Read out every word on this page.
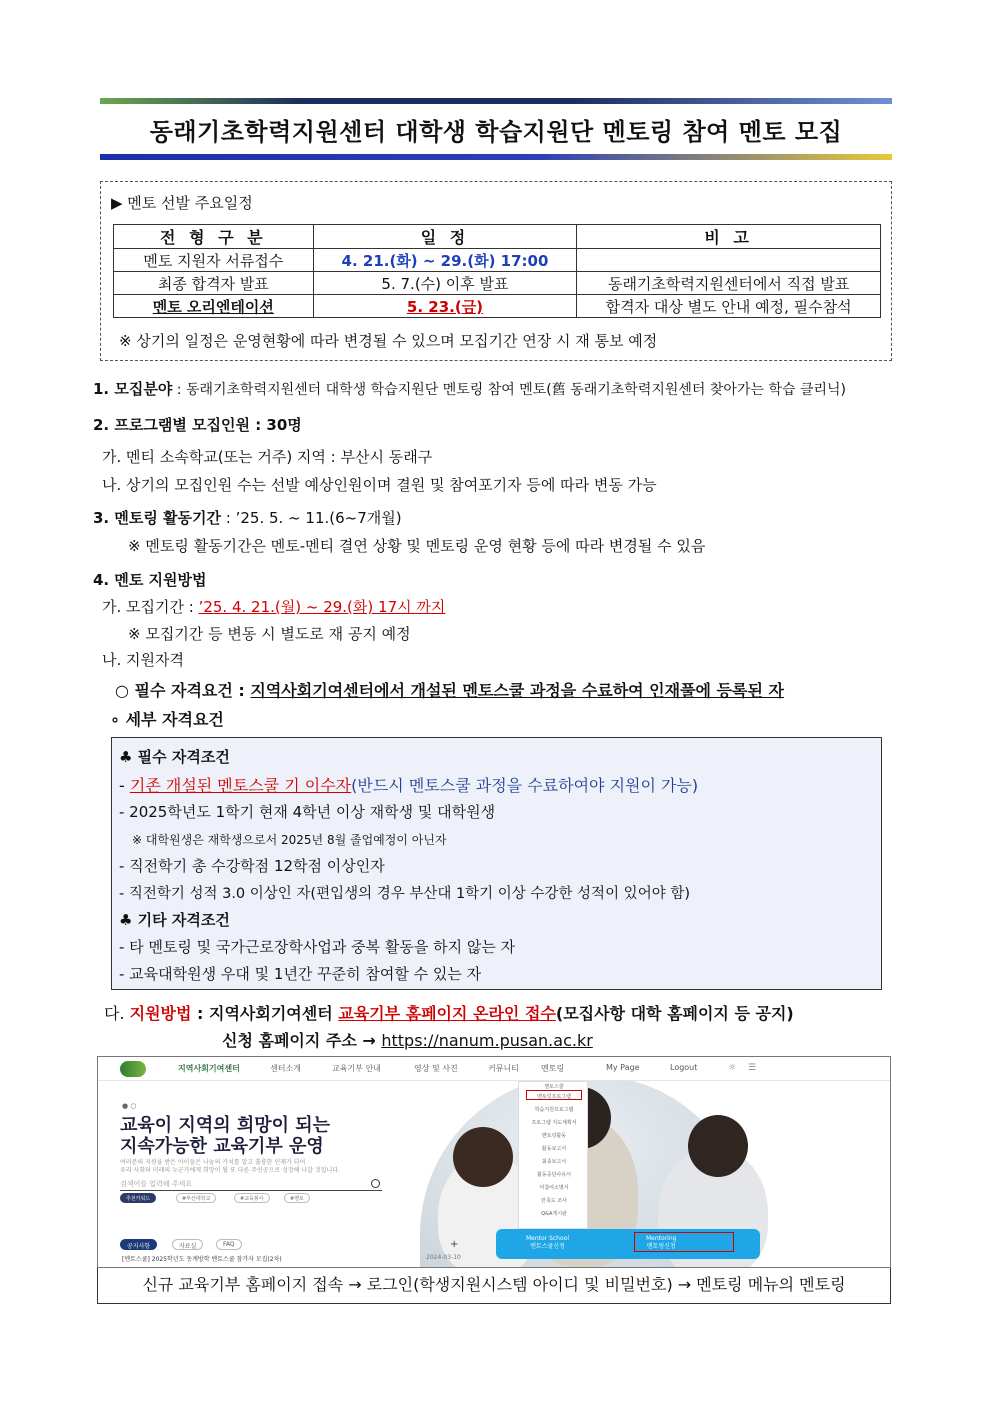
동래기초학력지원센터 대학생 학습지원단 멘토링 참여 멘토 모집
▶ 멘토 선발 주요일정
전 형 구 분	일 정	비 고
멘토 지원자 서류접수	4. 21.(화) ~ 29.(화) 17:00	
최종 합격자 발표	5. 7.(수) 이후 발표	동래기초학력지원센터에서 직접 발표
멘토 오리엔테이션	5. 23.(금)	합격자 대상 별도 안내 예정, 필수참석
※ 상기의 일정은 운영현황에 따라 변경될 수 있으며 모집기간 연장 시 재 통보 예정
1. 모집분야 : 동래기초학력지원센터 대학생 학습지원단 멘토링 참여 멘토(舊 동래기초학력지원센터 찾아가는 학습 클리닉)
2. 프로그램별 모집인원 : 30명
가. 멘티 소속학교(또는 거주) 지역 : 부산시 동래구
나. 상기의 모집인원 수는 선발 예상인원이며 결원 및 참여포기자 등에 따라 변동 가능
3. 멘토링 활동기간 : ’25. 5. ~ 11.(6~7개월)
※ 멘토링 활동기간은 멘토-멘티 결연 상황 및 멘토링 운영 현황 등에 따라 변경될 수 있음
4. 멘토 지원방법
가. 모집기간 : ’25. 4. 21.(월) ~ 29.(화) 17시 까지
※ 모집기간 등 변동 시 별도로 재 공지 예정
나. 지원자격
○ 필수 자격요건 : 지역사회기여센터에서 개설된 멘토스쿨 과정을 수료하여 인재풀에 등록된 자
∘ 세부 자격요건
♣ 필수 자격조건
- 기존 개설된 멘토스쿨 기 이수자(반드시 멘토스쿨 과정을 수료하여야 지원이 가능)
- 2025학년도 1학기 현재 4학년 이상 재학생 및 대학원생
※ 대학원생은 재학생으로서 2025년 8월 졸업예정이 아닌자
- 직전학기 총 수강학점 12학점 이상인자
- 직전학기 성적 3.0 이상인 자(편입생의 경우 부산대 1학기 이상 수강한 성적이 있어야 함)
♣ 기타 자격조건
- 타 멘토링 및 국가근로장학사업과 중복 활동을 하지 않는 자
- 교육대학원생 우대 및 1년간 꾸준히 참여할 수 있는 자
다. 지원방법 : 지역사회기여센터 교육기부 홈페이지 온라인 접수(모집사항 대학 홈페이지 등 공지)
신청 홈페이지 주소 → https://nanum.pusan.ac.kr
지역사회기여센터	센터소개	교육기부 안내	영상 및 사진	커뮤니티	멘토링	My Page	Logout	☼ ☰
● ○
교육이 지역의 희망이 되는
지속가능한 교육기부 운영
여러분의 지원을 받은 아이들은 나눔의 가치를 알고 훌륭한 인재가 되어
우리 사회와 미래의 누군가에게 희망이 될 또 다른 주인공으로 성장해 나갈 것입니다.
검색어를 입력해 주세요
추천키워드	#부산대학교	#교육봉사	#멘토
멘토스쿨
멘토링프로그램
학습지원프로그램
프로그램 지도계획서
멘토링활동
활동보고서
최종보고서
활동중단사유서
미참여소명서
만족도 조사
Q&A게시판
공지사항	자료실	FAQ	+
[멘토스쿨] 2025학년도 동계방학 멘토스쿨 참가자 모집(2차)	2024-03-10
Mentor School
멘토스쿨신청
Mentoring
멘토링신청
신규 교육기부 홈페이지 접속 → 로그인(학생지원시스템 아이디 및 비밀번호) → 멘토링 메뉴의 멘토링
